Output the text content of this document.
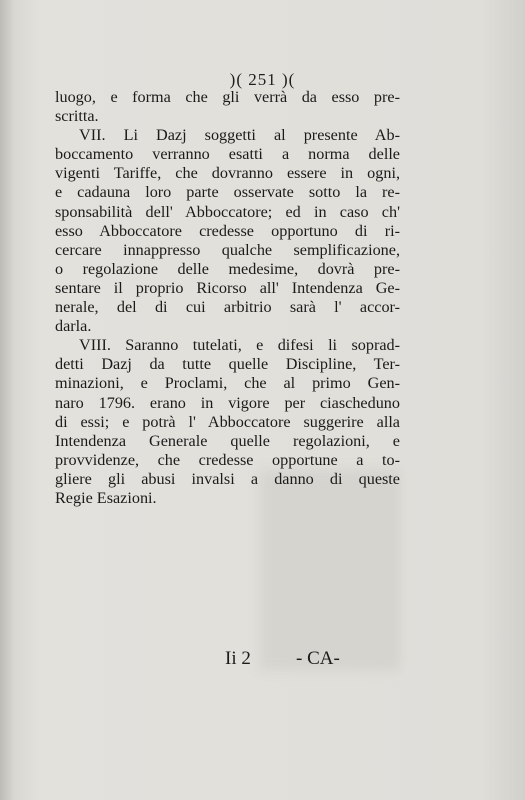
)( 251 )(
luogo, e forma che gli verrà da esso pre-
scritta.
VII. Li Dazj soggetti al presente Ab-
boccamento verranno esatti a norma delle
vigenti Tariffe, che dovranno essere in ogni,
e cadauna loro parte osservate sotto la re-
sponsabilità dell' Abboccatore; ed in caso ch'
esso Abboccatore credesse opportuno di ri-
cercare innappresso qualche semplificazione,
o regolazione delle medesime, dovrà pre-
sentare il proprio Ricorso all' Intendenza Ge-
nerale, del di cui arbitrio sarà l' accor-
darla.
VIII. Saranno tutelati, e difesi li soprad-
detti Dazj da tutte quelle Discipline, Ter-
minazioni, e Proclami, che al primo Gen-
naro 1796. erano in vigore per ciascheduno
di essi; e potrà l' Abboccatore suggerire alla
Intendenza Generale quelle regolazioni, e
provvidenze, che credesse opportune a to-
gliere gli abusi invalsi a danno di queste
Regie Esazioni.
Ii 2 - CA-
